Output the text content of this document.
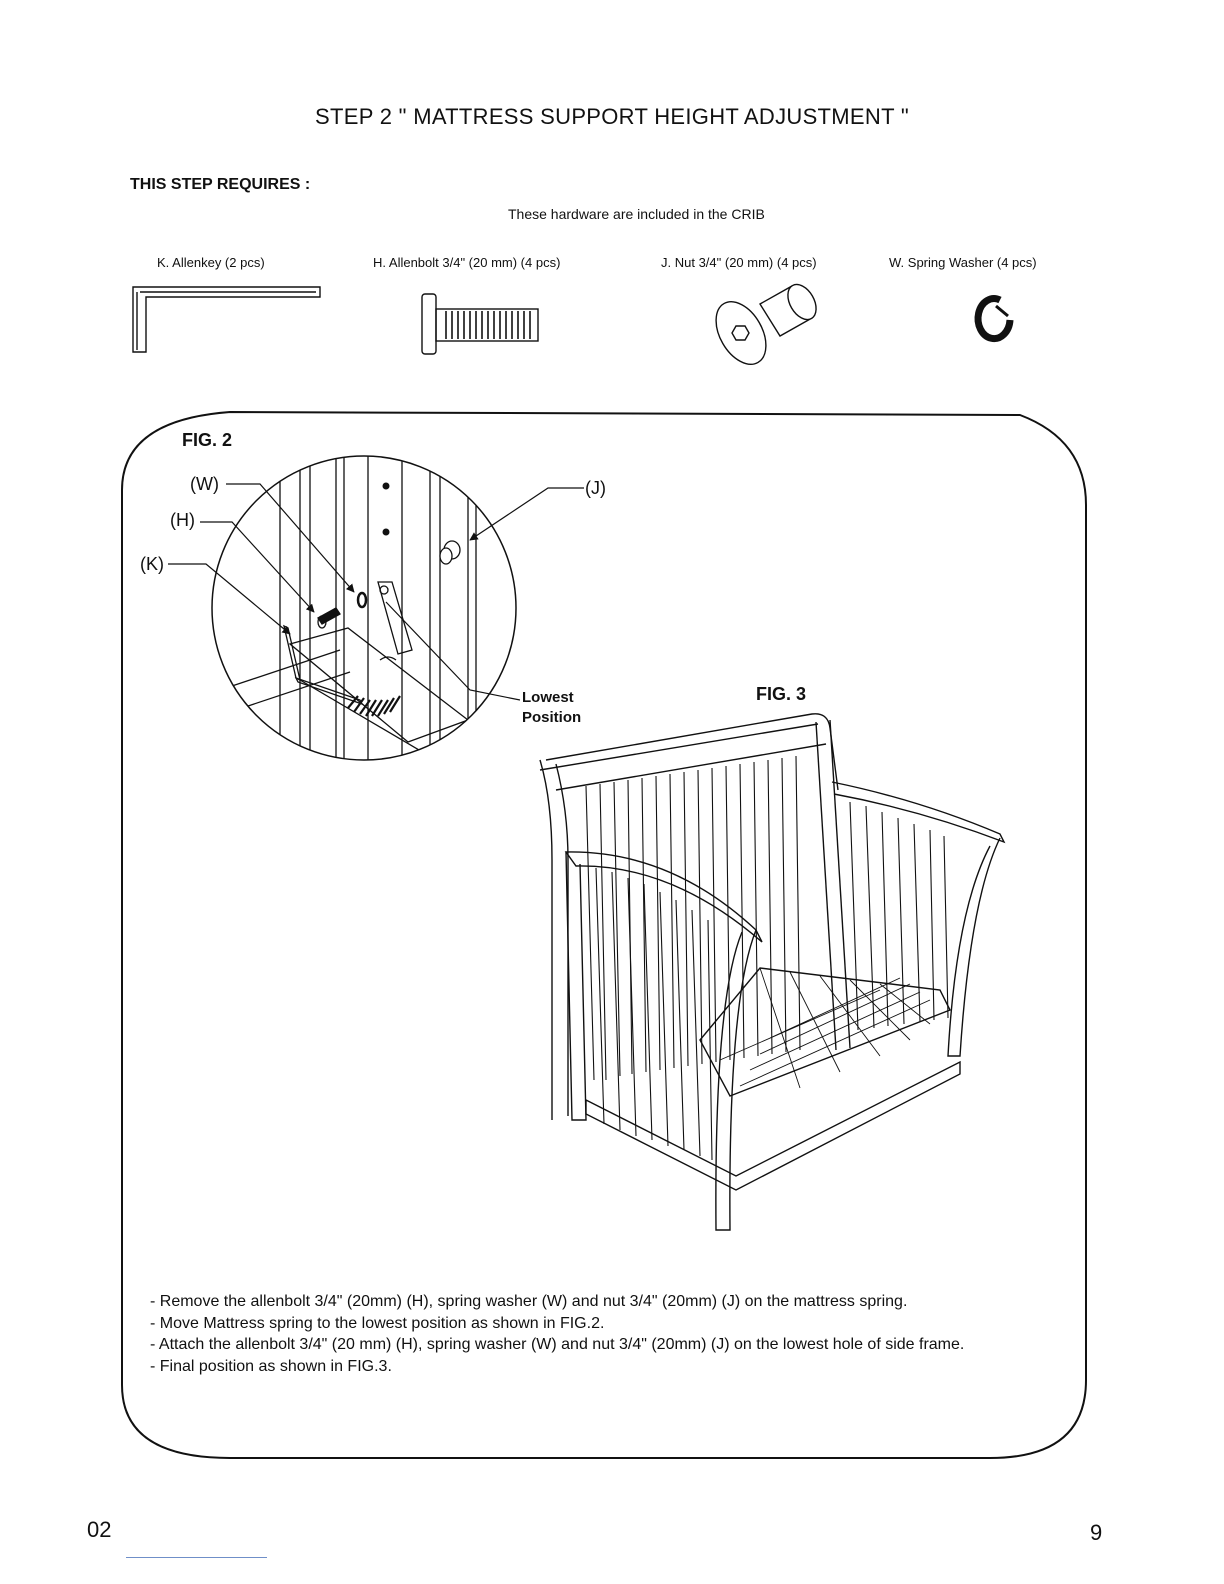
STEP 2 " MATTRESS SUPPORT HEIGHT ADJUSTMENT "
THIS STEP REQUIRES :
These hardware are included in the CRIB
K. Allenkey (2 pcs)	H. Allenbolt 3/4" (20 mm) (4 pcs)	J. Nut 3/4" (20 mm) (4 pcs)	W. Spring Washer (4 pcs)
FIG. 2
FIG. 3
(W)
(H)
(K)
(J)
Lowest
Position
- Remove the allenbolt 3/4" (20mm) (H), spring washer (W) and nut 3/4" (20mm) (J) on the mattress spring.
- Move Mattress spring to the lowest position as shown in FIG.2.
- Attach the allenbolt 3/4" (20 mm) (H), spring washer (W) and nut 3/4" (20mm) (J) on the lowest hole of side frame.
- Final position as shown in FIG.3.
02	9
